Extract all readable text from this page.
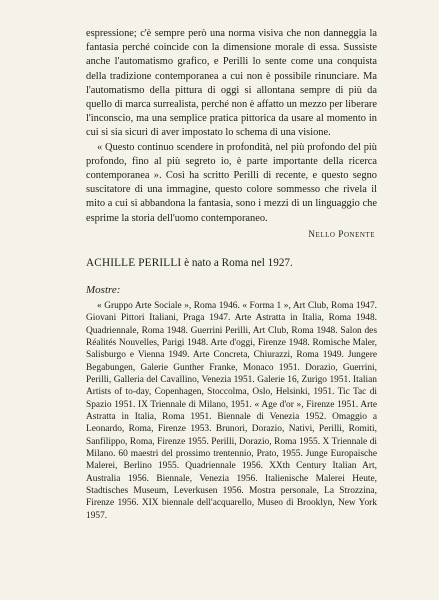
espressione; c'è sempre però una norma visiva che non danneggia la fantasia perché coincide con la dimensione morale di essa. Sussiste anche l'automatismo grafico, e Perilli lo sente come una conquista della tradizione contemporanea a cui non è possibile rinunciare. Ma l'automatismo della pittura di oggi si allontana sempre di più da quello di marca surrealista, perché non è affatto un mezzo per liberare l'inconscio, ma una semplice pratica pittorica da usare al momento in cui si sia sicuri di aver impostato lo schema di una visione.

« Questo continuo scendere in profondità, nel più profondo del più profondo, fino al più segreto io, è parte importante della ricerca contemporanea ». Così ha scritto Perilli di recente, e questo segno suscitatore di una immagine, questo colore sommesso che rivela il mito a cui si abbandona la fantasia, sono i mezzi di un linguaggio che esprime la storia dell'uomo contemporaneo.

Nello Ponente
ACHILLE PERILLI è nato a Roma nel 1927.
Mostre:

« Gruppo Arte Sociale », Roma 1946. « Forma 1 », Art Club, Roma 1947. Giovani Pittori Italiani, Praga 1947. Arte Astratta in Italia, Roma 1948. Quadriennale, Roma 1948. Guerrini Perilli, Art Club, Roma 1948. Salon des Réalités Nouvelles, Parigi 1948. Arte d'oggi, Firenze 1948. Romische Maler, Salisburgo e Vienna 1949. Arte Concreta, Chiurazzi, Roma 1949. Jungere Begabungen, Galerie Gunther Franke, Monaco 1951. Dorazio, Guerrini, Perilli, Galleria del Cavallino, Venezia 1951. Galerie 16, Zurigo 1951. Italian Artists of to-day, Copenhagen, Stoccolma, Oslo, Helsinki, 1951. Tic Tac di Spazio 1951. IX Triennale di Milano, 1951. « Age d'or », Firenze 1951. Arte Astratta in Italia, Roma 1951. Biennale di Venezia 1952. Omaggio a Leonardo, Roma, Firenze 1953. Brunori, Dorazio, Nativi, Perilli, Romiti, Sanfilippo, Roma, Firenze 1955. Perilli, Dorazio, Roma 1955. X Triennale di Milano. 60 maestri del prossimo trentennio, Prato, 1955. Junge Europaische Malerei, Berlino 1955. Quadriennale 1956. XXth Century Italian Art, Australia 1956. Biennale, Venezia 1956. Italienische Malerei Heute, Stadtisches Museum, Leverkusen 1956. Mostra personale, La Strozzina, Firenze 1956. XIX biennale dell'acquarello, Museo di Brooklyn, New York 1957.
